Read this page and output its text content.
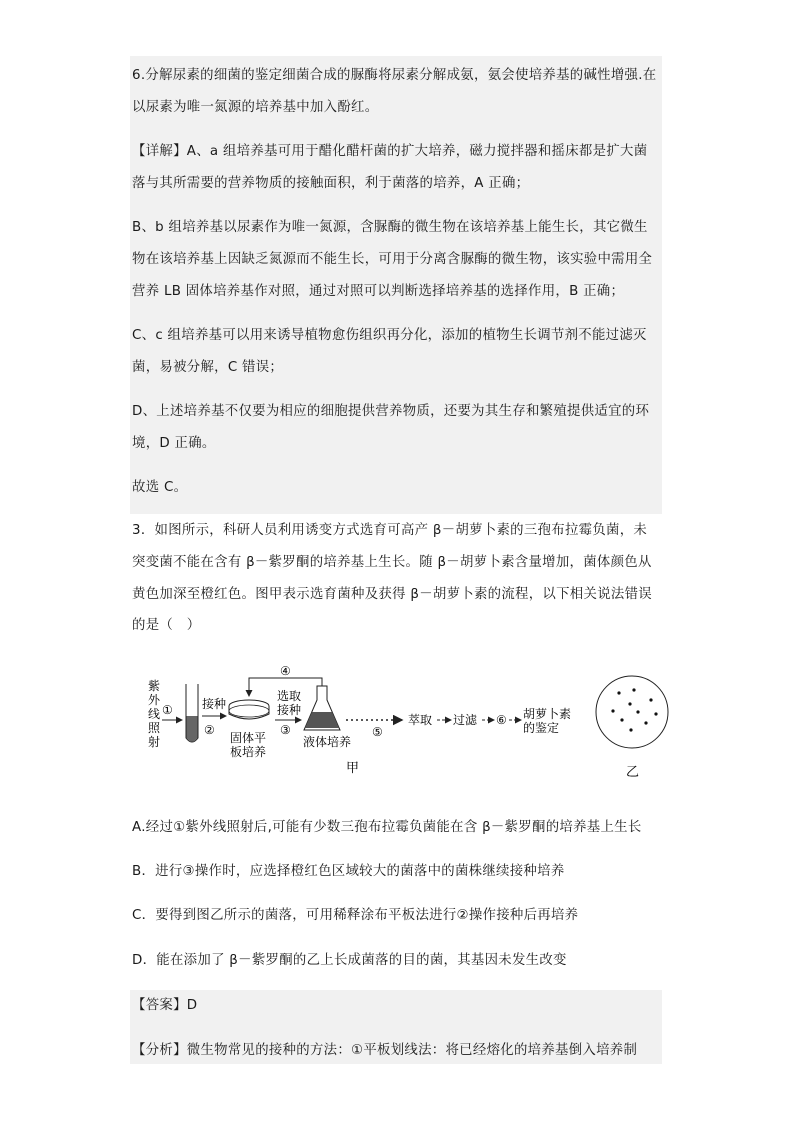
6.分解尿素的细菌的鉴定细菌合成的脲酶将尿素分解成氨，氨会使培养基的碱性增强.在
以尿素为唯一氮源的培养基中加入酚红。
【详解】A、a 组培养基可用于醋化醋杆菌的扩大培养，磁力搅拌器和摇床都是扩大菌
落与其所需要的营养物质的接触面积，利于菌落的培养，A 正确；
B、b 组培养基以尿素作为唯一氮源，含脲酶的微生物在该培养基上能生长，其它微生
物在该培养基上因缺乏氮源而不能生长，可用于分离含脲酶的微生物，该实验中需用全
营养 LB 固体培养基作对照，通过对照可以判断选择培养基的选择作用，B 正确；
C、c 组培养基可以用来诱导植物愈伤组织再分化，添加的植物生长调节剂不能过滤灭
菌，易被分解，C 错误；
D、上述培养基不仅要为相应的细胞提供营养物质，还要为其生存和繁殖提供适宜的环
境，D 正确。
故选 C。
3．如图所示，科研人员利用诱变方式选育可高产 β－胡萝卜素的三孢布拉霉负菌，未
突变菌不能在含有 β－紫罗酮的培养基上生长。随 β－胡萝卜素含量增加，菌体颜色从
黄色加深至橙红色。图甲表示选育菌种及获得 β－胡萝卜素的流程，以下相关说法错误
的是（　）
紫
外
线
照
射
① 接种
②
固体平
板培养
④
选取
接种
③
液体培养
⑤
萃取 过滤 ⑥ 胡萝卜素
的鉴定
甲	乙
A.经过①紫外线照射后,可能有少数三孢布拉霉负菌能在含 β－紫罗酮的培养基上生长
B．进行③操作时，应选择橙红色区域较大的菌落中的菌株继续接种培养
C．要得到图乙所示的菌落，可用稀释涂布平板法进行②操作接种后再培养
D．能在添加了 β－紫罗酮的乙上长成菌落的目的菌，其基因未发生改变
【答案】D
【分析】微生物常见的接种的方法：①平板划线法：将已经熔化的培养基倒入培养制
